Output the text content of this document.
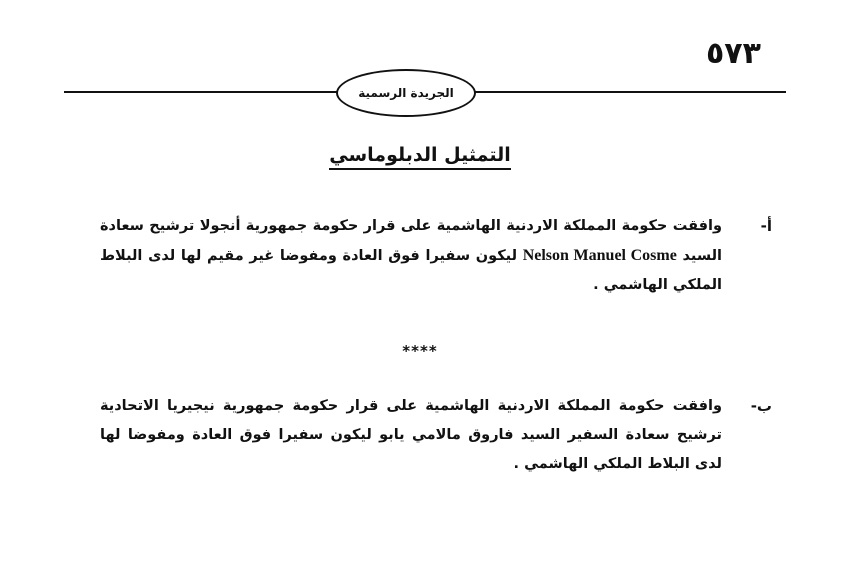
٥٧٣
الجريدة الرسمية
التمثيل الدبلوماسي
أ-
وافقت حكومة المملكة الاردنية الهاشمية على قرار حكومة جمهورية أنجولا ترشيح سعادة السيد Nelson Manuel Cosme ليكون سفيرا فوق العادة ومفوضا غير مقيم لها لدى البلاط الملكي الهاشمي .
****
ب-
وافقت حكومة المملكة الاردنية الهاشمية على قرار حكومة جمهورية نيجيريا الاتحادية ترشيح سعادة السفير السيد فاروق مالامي يابو ليكون سفيرا فوق العادة ومفوضا لها لدى البلاط الملكي الهاشمي .
